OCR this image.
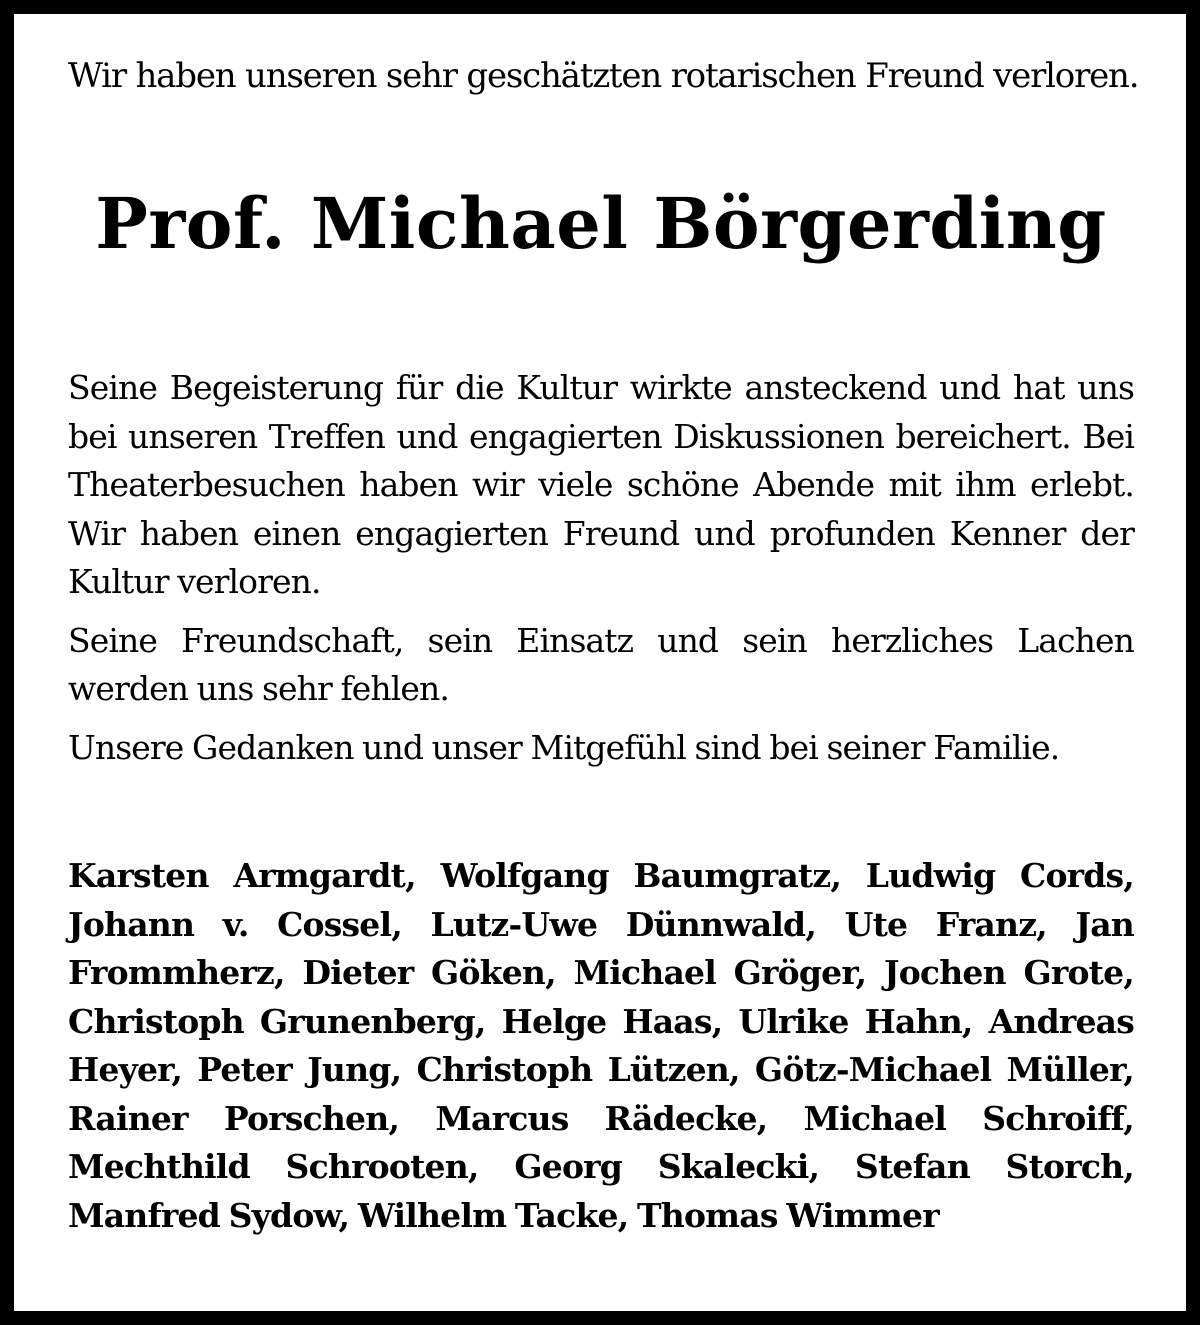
Wir haben unseren sehr geschätzten rotarischen Freund verloren.

Prof. Michael Börgerding

Seine Begeisterung für die Kultur wirkte ansteckend und hat uns bei unseren Treffen und engagierten Diskussionen bereichert. Bei Theaterbesuchen haben wir viele schöne Abende mit ihm erlebt. Wir haben einen engagierten Freund und profunden Kenner der Kultur verloren.

Seine Freundschaft, sein Einsatz und sein herzliches Lachen werden uns sehr fehlen.

Unsere Gedanken und unser Mitgefühl sind bei seiner Familie.

Karsten Armgardt, Wolfgang Baumgratz, Ludwig Cords, Johann v. Cossel, Lutz-Uwe Dünnwald, Ute Franz, Jan Frommherz, Dieter Göken, Michael Gröger, Jochen Grote, Christoph Grunenberg, Helge Haas, Ulrike Hahn, Andreas Heyer, Peter Jung, Christoph Lützen, Götz-Michael Müller, Rainer Porschen, Marcus Rädecke, Michael Schroiff, Mechthild Schrooten, Georg Skalecki, Stefan Storch, Manfred Sydow, Wilhelm Tacke, Thomas Wimmer
